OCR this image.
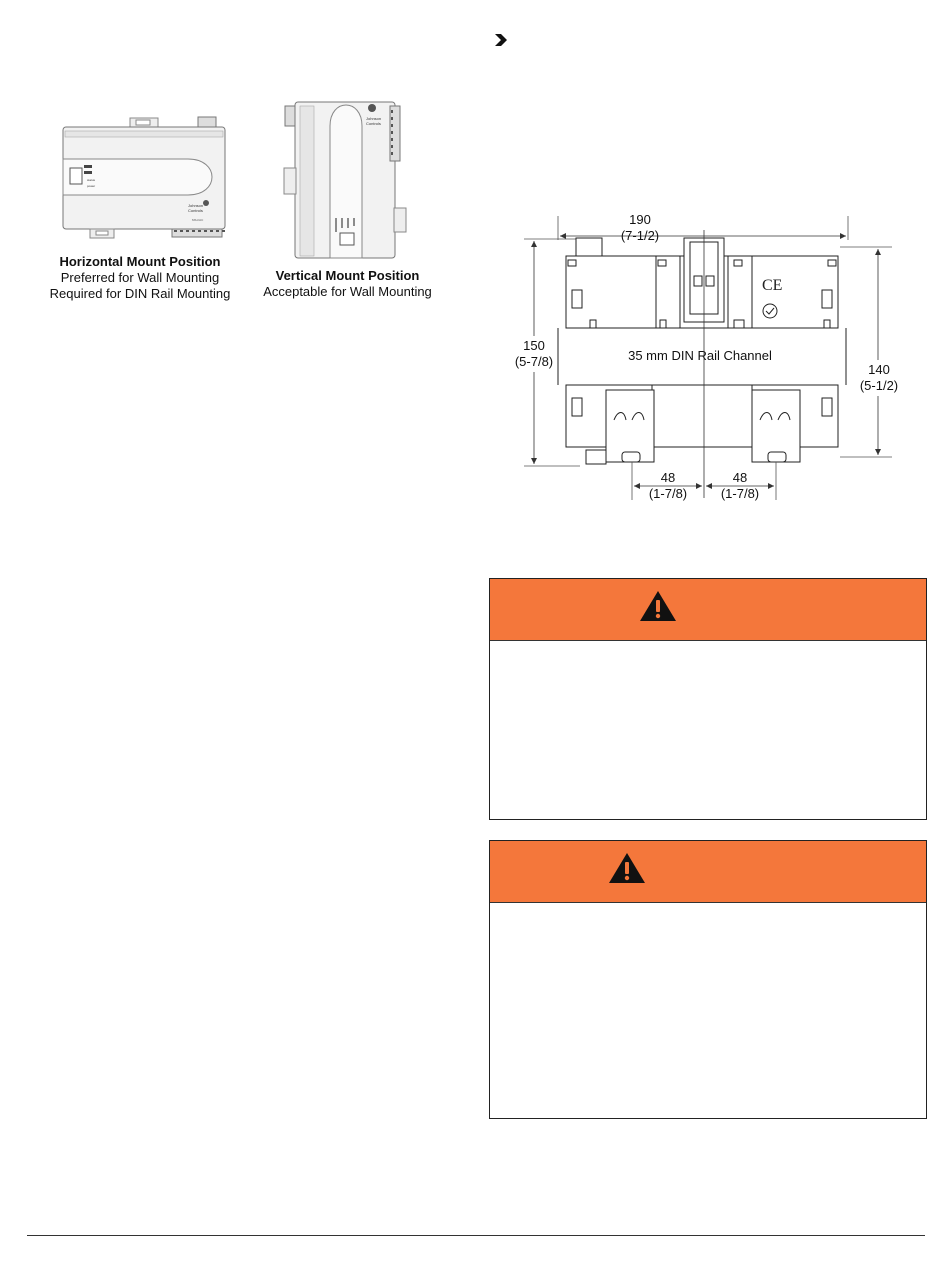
status
power
Johnson
Controls
MS-FAC
Johnson
Controls
Horizontal Mount Position
Preferred for Wall Mounting
Required for DIN Rail Mounting
Vertical Mount Position
Acceptable for Wall Mounting
190
(7-1/2)
150
(5-7/8)
140
(5-1/2)
CE
35 mm DIN Rail Channel
48
(1-7/8)
48
(1-7/8)
